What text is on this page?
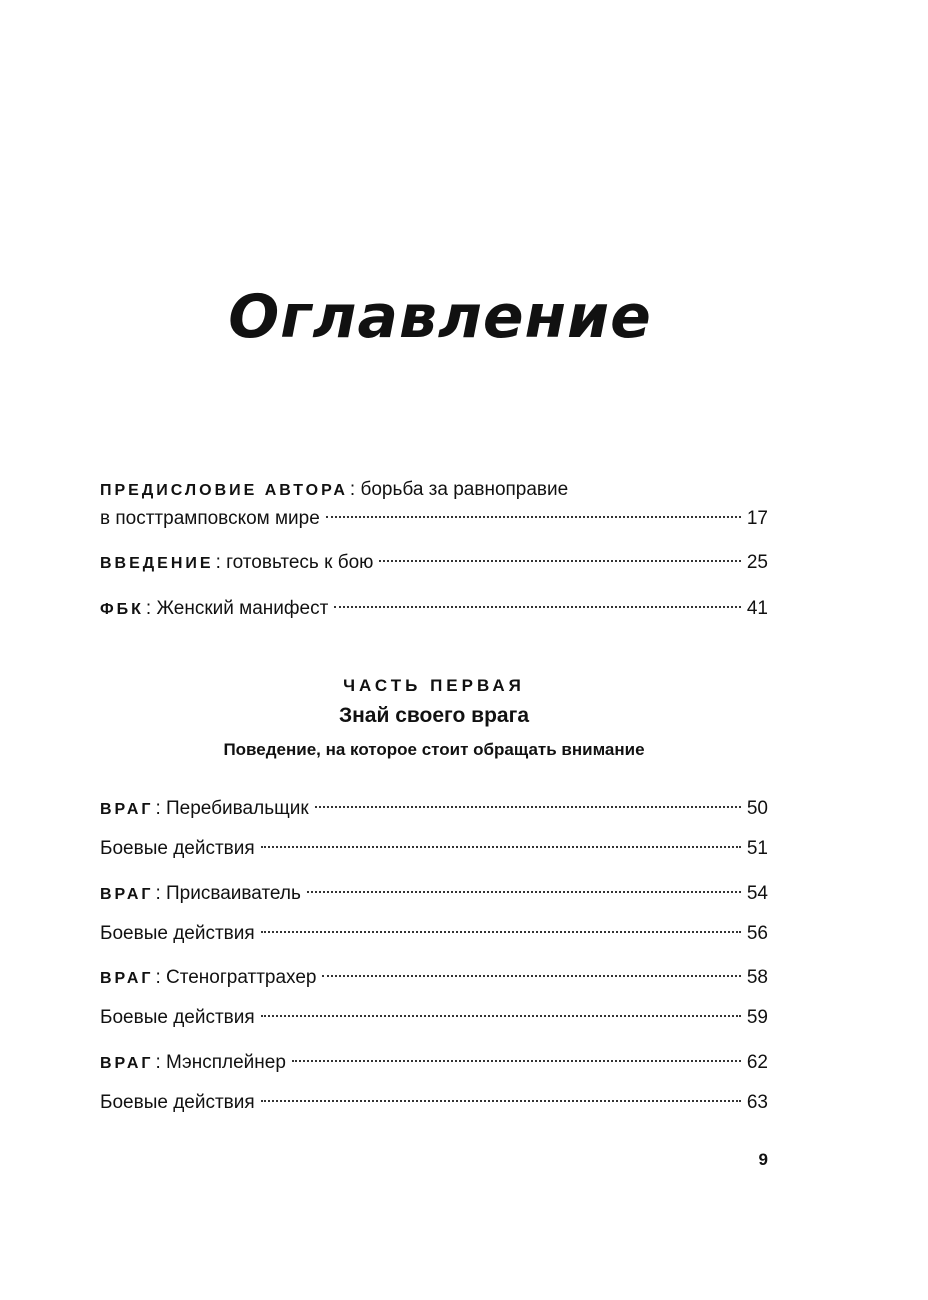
Оглавление
ПРЕДИСЛОВИЕ АВТОРА : борьба за равноправие
в посттрамповском мире	17
ВВЕДЕНИЕ : готовьтесь к бою	25
ФБК : Женский манифест	41
ЧАСТЬ ПЕРВАЯ
Знай своего врага
Поведение, на которое стоит обращать внимание
ВРАГ : Перебивальщик	50
Боевые действия	51
ВРАГ : Присваиватель	54
Боевые действия	56
ВРАГ : Стенограттрахер	58
Боевые действия	59
ВРАГ : Мэнсплейнер	62
Боевые действия	63
9
